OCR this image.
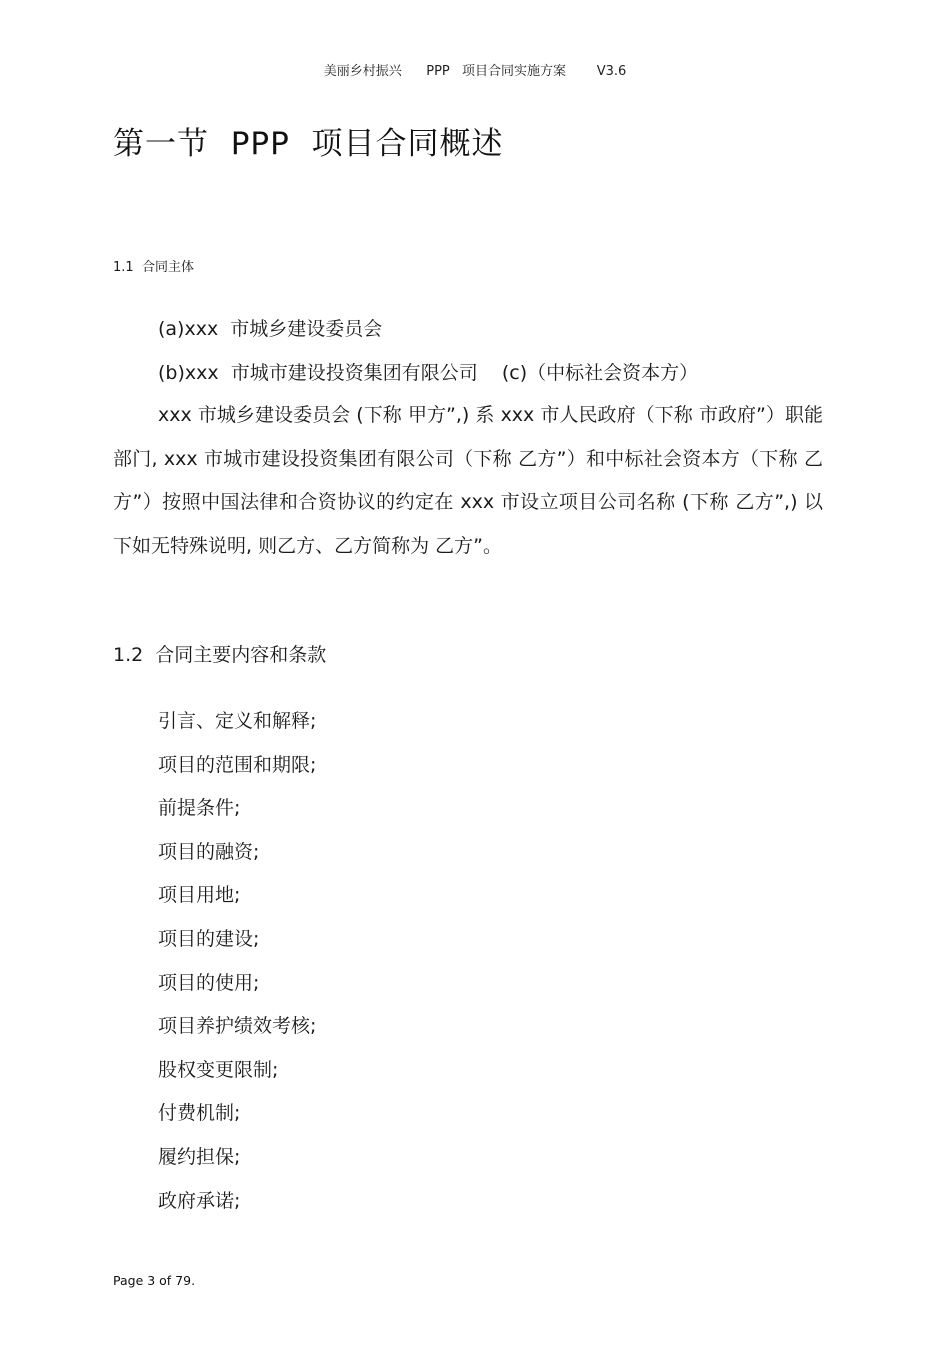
美丽乡村振兴    PPP  项目合同实施方案     V3.6
第一节  PPP  项目合同概述
1.1  合同主体
(a)xxx  市城乡建设委员会
(b)xxx  市城市建设投资集团有限公司    (c)（中标社会资本方）

xxx 市城乡建设委员会 (下称 甲方”,) 系 xxx 市人民政府（下称 市政府”）职能部门, xxx 市城市建设投资集团有限公司（下称 乙方”）和中标社会资本方（下称 乙方”）按照中国法律和合资协议的约定在 xxx 市设立项目公司名称 (下称 乙方”,) 以下如无特殊说明, 则乙方、乙方简称为 乙方”。

1.2  合同主要内容和条款
引言、定义和解释;
项目的范围和期限;
前提条件;
项目的融资;
项目用地;
项目的建设;
项目的使用;
项目养护绩效考核;
股权变更限制;
付费机制;
履约担保;
政府承诺;
Page 3 of 79.
